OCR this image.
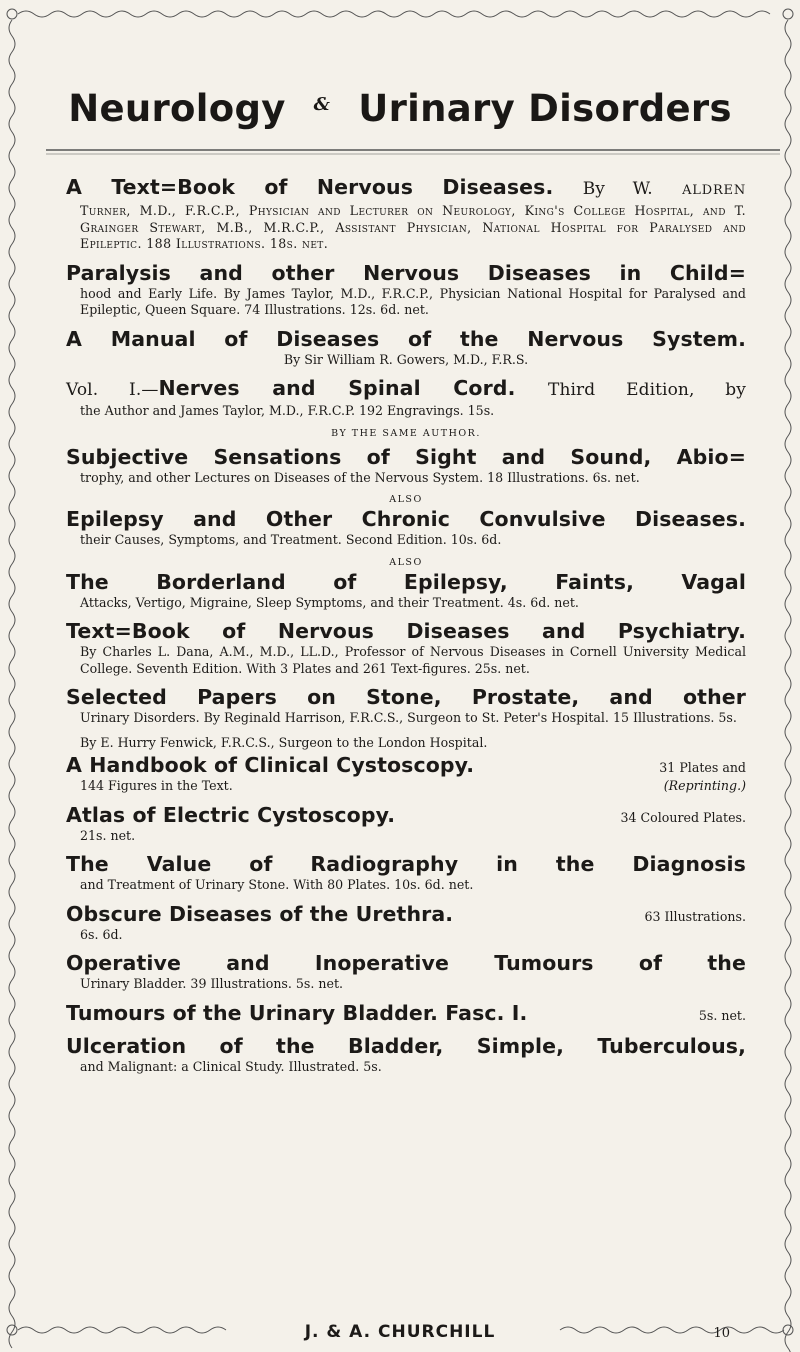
Neurology & Urinary Disorders
A Text=Book of Nervous Diseases. By W. ALDREN
Turner, M.D., F.R.C.P., Physician and Lecturer on Neurology, King's College Hospital, and T. Grainger Stewart, M.B., M.R.C.P., Assistant Physician, National Hospital for Paralysed and Epileptic. 188 Illustrations. 18s. net.
Paralysis and other Nervous Diseases in Child=
hood and Early Life. By James Taylor, M.D., F.R.C.P., Physician National Hospital for Paralysed and Epileptic, Queen Square. 74 Illustrations. 12s. 6d. net.
A Manual of Diseases of the Nervous System.
By Sir William R. Gowers, M.D., F.R.S.
Vol. I.—Nerves and Spinal Cord. Third Edition, by
the Author and James Taylor, M.D., F.R.C.P. 192 Engravings. 15s.
BY THE SAME AUTHOR.
Subjective Sensations of Sight and Sound, Abio=
trophy, and other Lectures on Diseases of the Nervous System. 18 Illustrations. 6s. net.
ALSO
Epilepsy and Other Chronic Convulsive Diseases.
their Causes, Symptoms, and Treatment. Second Edition. 10s. 6d.
ALSO
The Borderland of Epilepsy, Faints, Vagal
Attacks, Vertigo, Migraine, Sleep Symptoms, and their Treatment. 4s. 6d. net.
Text=Book of Nervous Diseases and Psychiatry.
By Charles L. Dana, A.M., M.D., LL.D., Professor of Nervous Diseases in Cornell University Medical College. Seventh Edition. With 3 Plates and 261 Text-figures. 25s. net.
Selected Papers on Stone, Prostate, and other
Urinary Disorders. By Reginald Harrison, F.R.C.S., Surgeon to St. Peter's Hospital. 15 Illustrations. 5s.
By E. Hurry Fenwick, F.R.C.S., Surgeon to the London Hospital.
A Handbook of Clinical Cystoscopy.	31 Plates and
144 Figures in the Text.	(Reprinting.)
Atlas of Electric Cystoscopy.	34 Coloured Plates.
21s. net.
The Value of Radiography in the Diagnosis
and Treatment of Urinary Stone. With 80 Plates. 10s. 6d. net.
Obscure Diseases of the Urethra.	63 Illustrations.
6s. 6d.
Operative and Inoperative Tumours of the
Urinary Bladder. 39 Illustrations. 5s. net.
Tumours of the Urinary Bladder. Fasc. I.	5s. net.
Ulceration of the Bladder, Simple, Tuberculous,
and Malignant: a Clinical Study. Illustrated. 5s.
J. & A. CHURCHILL	10
